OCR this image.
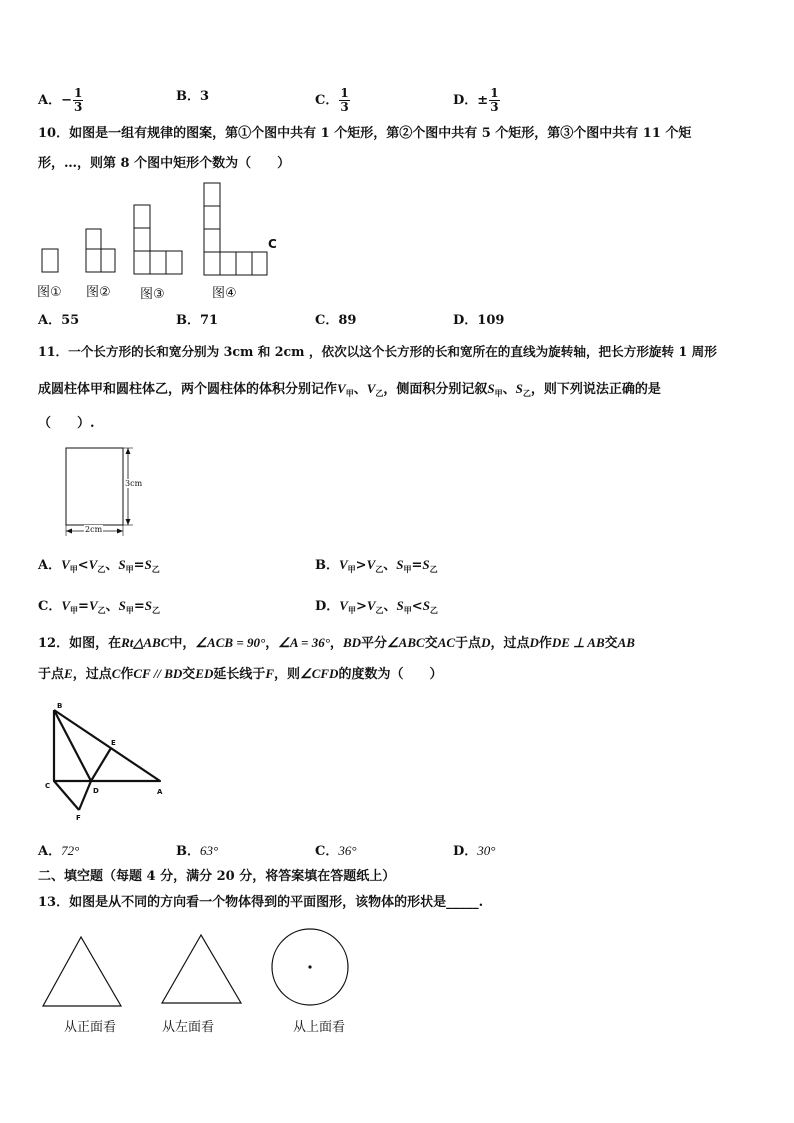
A．− $\frac{1}{3}$	B．3	C． $\frac{1}{3}$	D．± $\frac{1}{3}$
10．如图是一组有规律的图案，第①个图中共有 1 个矩形，第②个图中共有 5 个矩形，第③个图中共有 11 个矩
形，…，则第 8 个图中矩形个数为（　　）
C
图① 图② 图③	图④
A．55	B．71	C．89	D．109
11．一个长方形的长和宽分别为 3cm 和 2cm ，依次以这个长方形的长和宽所在的直线为旋转轴，把长方形旋转 1 周形
成圆柱体甲和圆柱体乙，两个圆柱体的体积分别记作$V_甲$、$V_乙$，侧面积分别记叙$S_甲$、$S_乙$，则下列说法正确的是
（　　）.
3cm
2cm
A．$V_甲<V_乙$、$S_甲=S_乙$	B．$V_甲>V_乙$、$S_甲=S_乙$
C．$V_甲=V_乙$、$S_甲=S_乙$	D．$V_甲>V_乙$、$S_甲<S_乙$
12．如图，在Rt△ABC中，∠ACB = 90°，∠A = 36°，BD平分∠ABC交AC于点D，过点D作DE ⊥ AB交AB
于点E，过点C作CF // BD交ED延长线于F，则∠CFD的度数为（　　）
B
E
C
D	A
F
A．72°	B．63°	C．36°	D．30°
二、填空题（每题 4 分，满分 20 分，将答案填在答题纸上）
13．如图是从不同的方向看一个物体得到的平面图形，该物体的形状是_____.
从正面看	从左面看	从上面看
